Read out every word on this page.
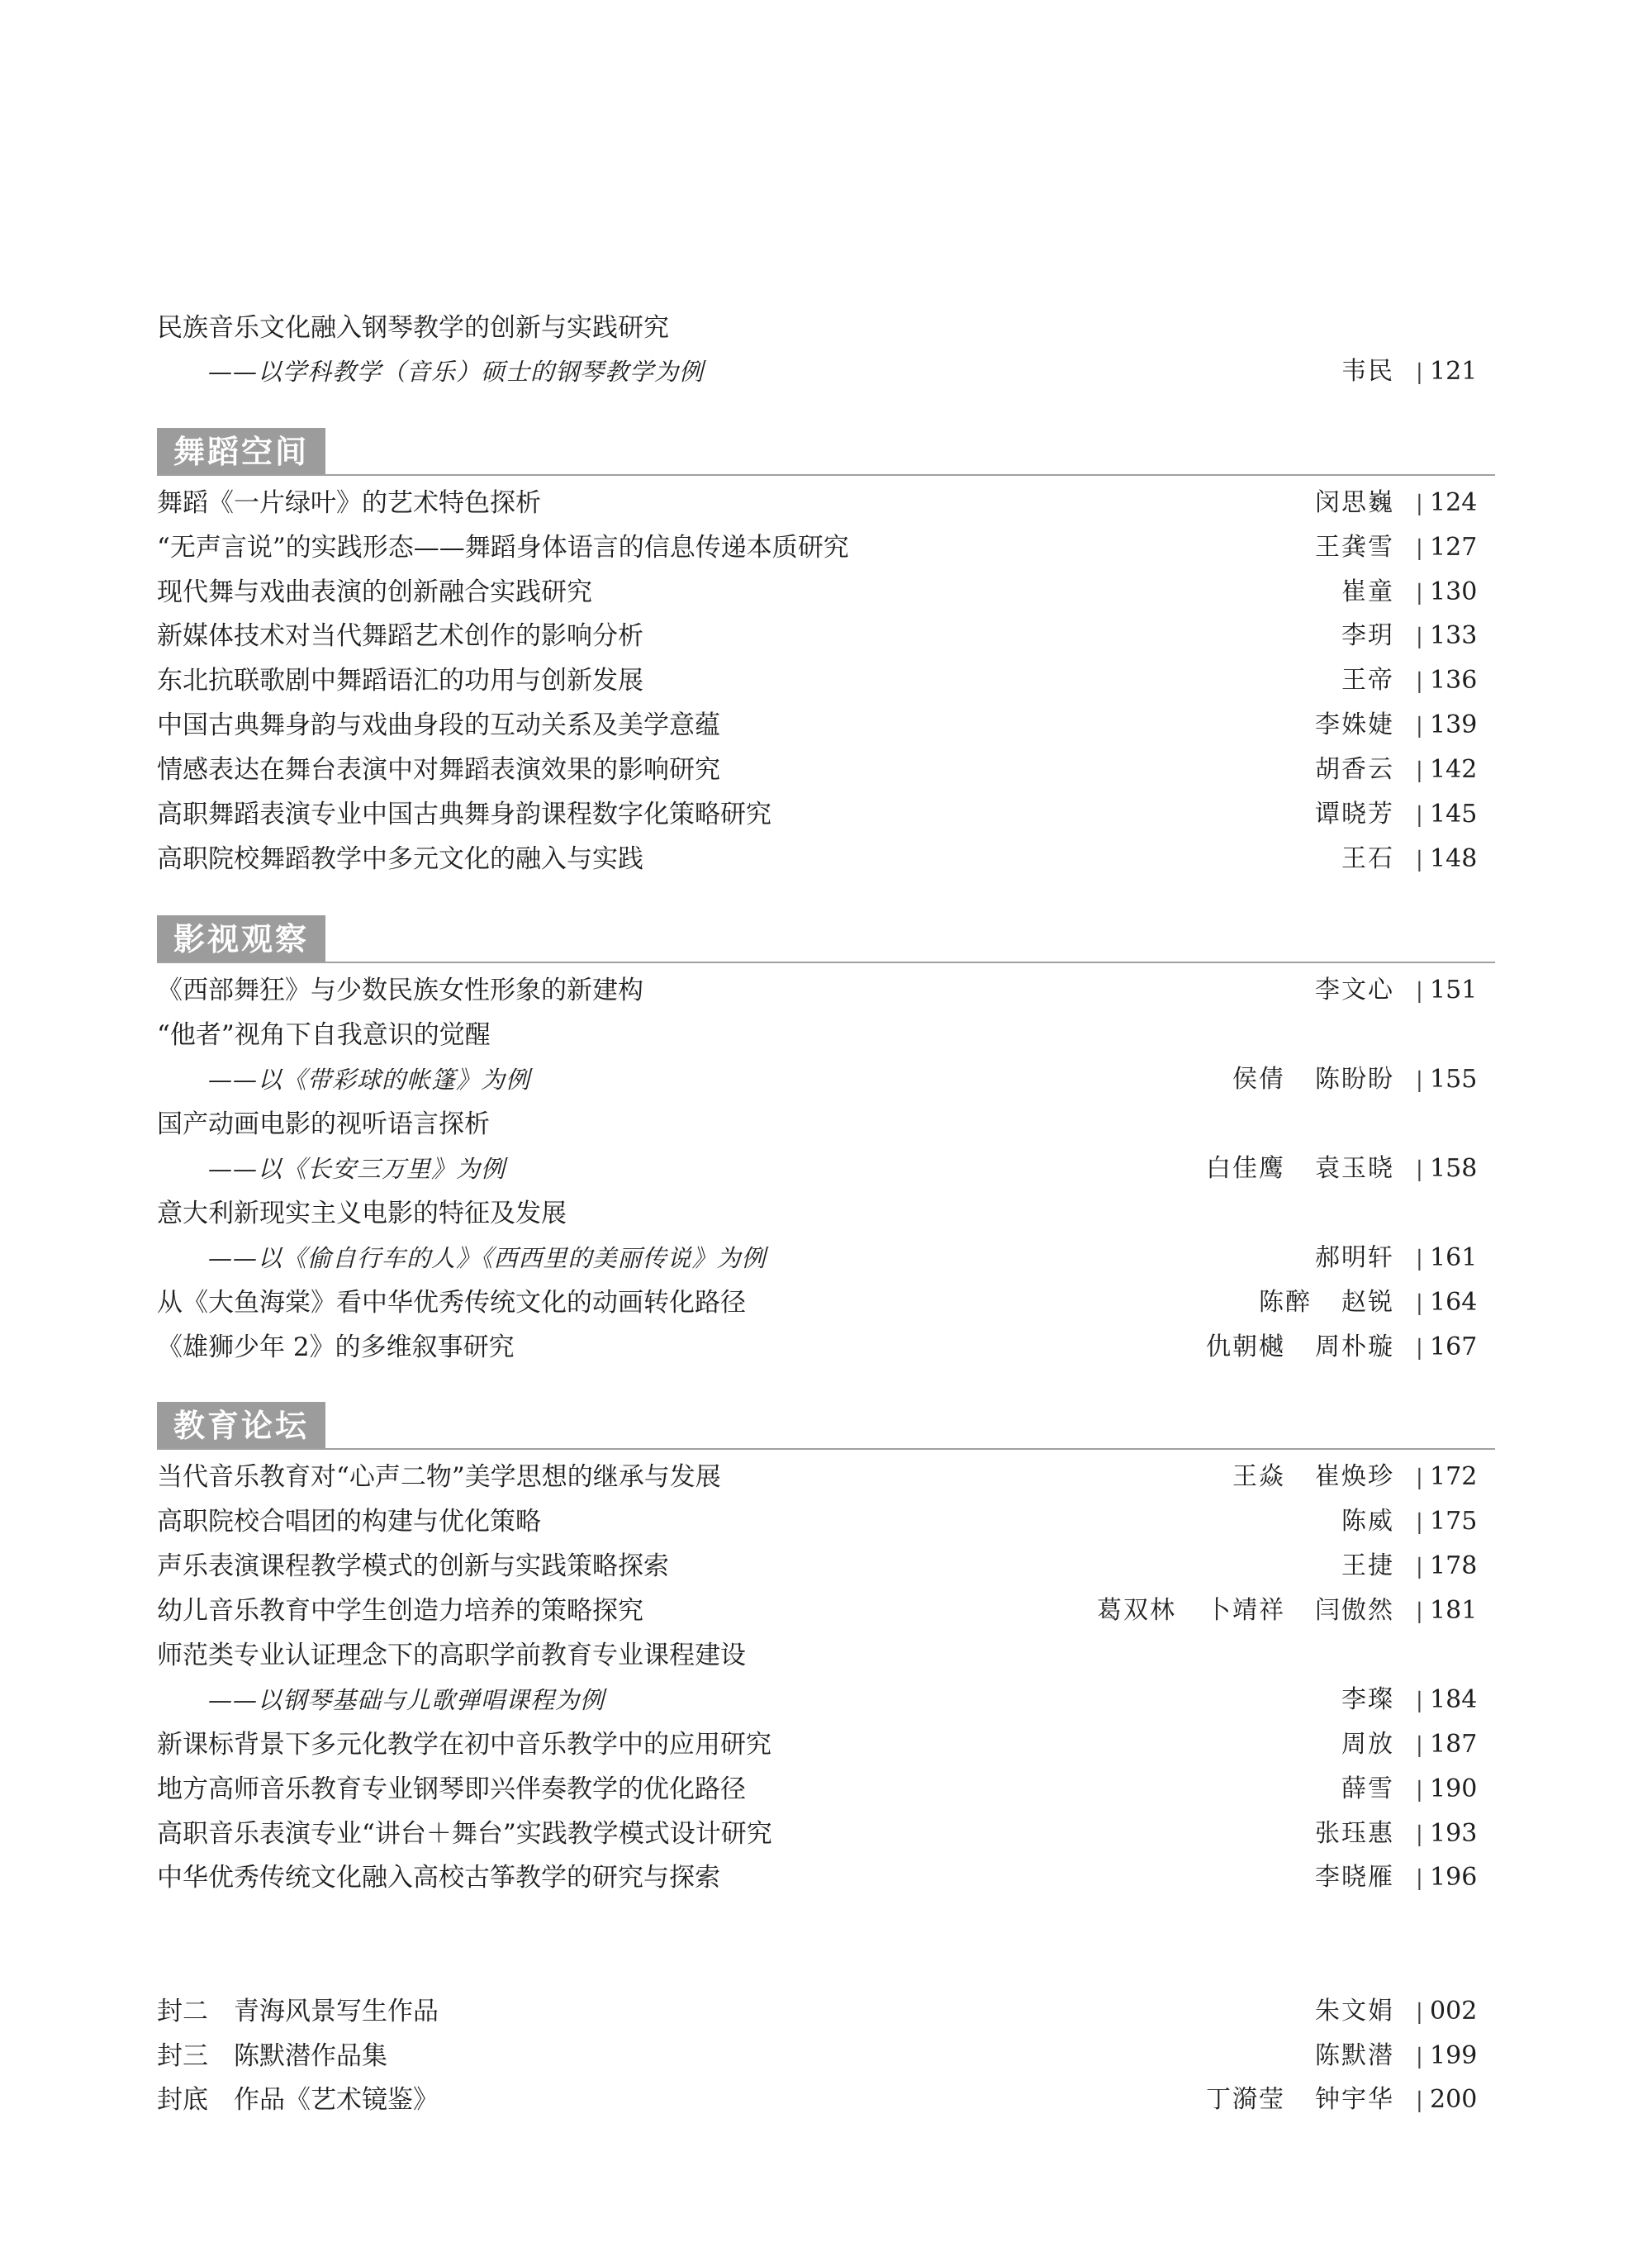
民族音乐文化融入钢琴教学的创新与实践研究
——以学科教学（音乐）硕士的钢琴教学为例	韦民	| 121
舞蹈空间
舞蹈《一片绿叶》的艺术特色探析	闵思巍	| 124
“无声言说”的实践形态——舞蹈身体语言的信息传递本质研究	王龚雪	| 127
现代舞与戏曲表演的创新融合实践研究	崔童	| 130
新媒体技术对当代舞蹈艺术创作的影响分析	李玥	| 133
东北抗联歌剧中舞蹈语汇的功用与创新发展	王帝	| 136
中国古典舞身韵与戏曲身段的互动关系及美学意蕴	李姝婕	| 139
情感表达在舞台表演中对舞蹈表演效果的影响研究	胡香云	| 142
高职舞蹈表演专业中国古典舞身韵课程数字化策略研究	谭晓芳	| 145
高职院校舞蹈教学中多元文化的融入与实践	王石	| 148
影视观察
《西部舞狂》与少数民族女性形象的新建构	李文心	| 151
“他者”视角下自我意识的觉醒
——以《带彩球的帐篷》为例	侯倩 陈盼盼	| 155
国产动画电影的视听语言探析
——以《长安三万里》为例	白佳鹰 袁玉晓	| 158
意大利新现实主义电影的特征及发展
——以《偷自行车的人》《西西里的美丽传说》为例	郝明轩	| 161
从《大鱼海棠》看中华优秀传统文化的动画转化路径	陈醉 赵锐	| 164
《雄狮少年 2》的多维叙事研究	仇朝樾 周朴璇	| 167
教育论坛
当代音乐教育对“心声二物”美学思想的继承与发展	王焱 崔焕珍	| 172
高职院校合唱团的构建与优化策略	陈威	| 175
声乐表演课程教学模式的创新与实践策略探索	王捷	| 178
幼儿音乐教育中学生创造力培养的策略探究	葛双林 卜靖祥 闫傲然	| 181
师范类专业认证理念下的高职学前教育专业课程建设
——以钢琴基础与儿歌弹唱课程为例	李璨	| 184
新课标背景下多元化教学在初中音乐教学中的应用研究	周放	| 187
地方高师音乐教育专业钢琴即兴伴奏教学的优化路径	薛雪	| 190
高职音乐表演专业“讲台＋舞台”实践教学模式设计研究	张珏惠	| 193
中华优秀传统文化融入高校古筝教学的研究与探索	李晓雁	| 196
封二　青海风景写生作品	朱文娟	| 002
封三　陈默潜作品集	陈默潜	| 199
封底　作品《艺术镜鉴》	丁漪莹 钟宇华	| 200
